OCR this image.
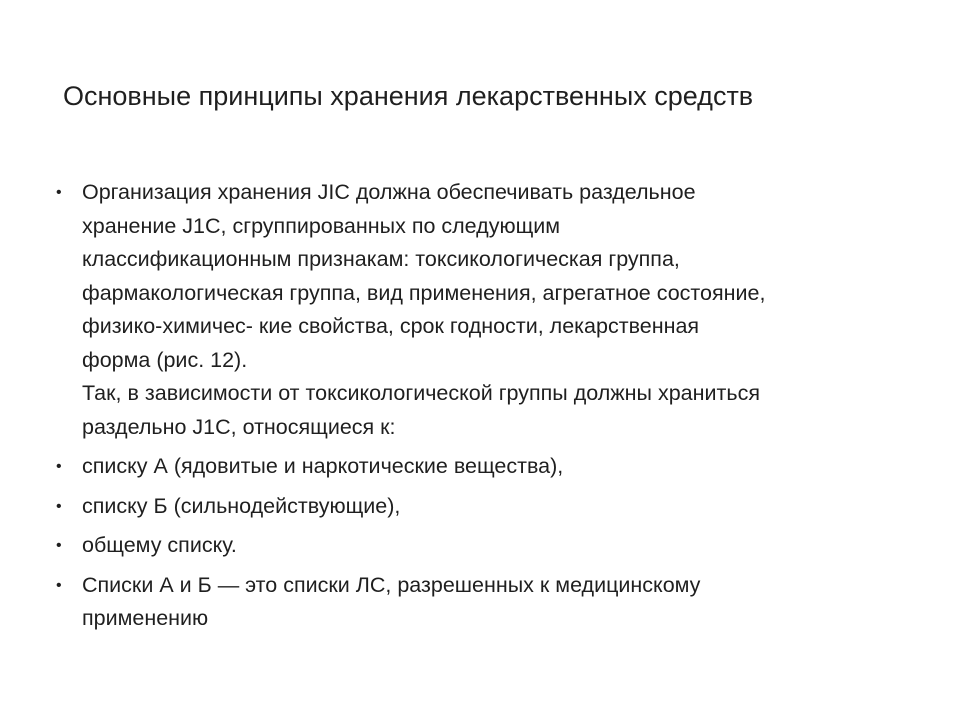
Основные принципы хранения лекарственных средств
• Организация хранения JIC должна обеспечивать раздельное
хранение J1C, сгруппированных по следующим
классификационным признакам: токсикологическая группа,
фармакологическая группа, вид применения, агрегатное состояние,
физико-химичес- кие свойства, срок годности, лекарственная
форма (рис. 12).
Так, в зависимости от токсикологической группы должны храниться
раздельно J1C, относящиеся к:
• списку А (ядовитые и наркотические вещества),
• списку Б (сильнодействующие),
• общему списку.
• Списки А и Б — это списки ЛС, разрешенных к медицинскому
применению
